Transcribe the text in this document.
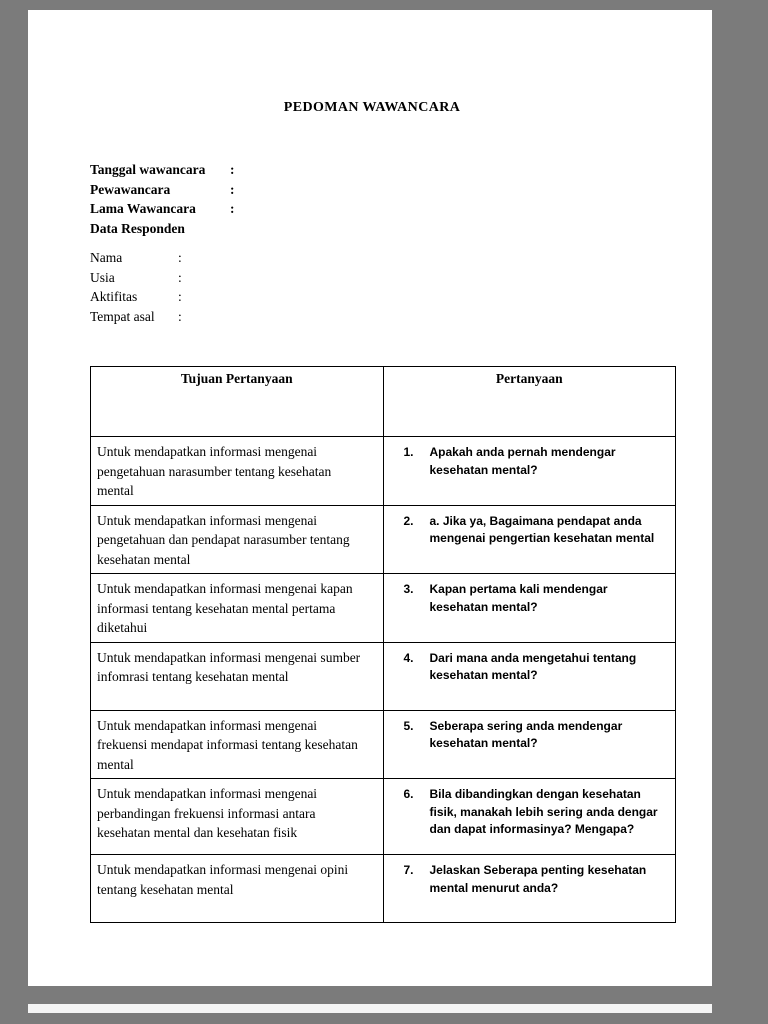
PEDOMAN WAWANCARA
Tanggal wawancara	:
Pewawancara	:
Lama Wawancara	:
Data Responden
Nama	:
Usia	:
Aktifitas	:
Tempat asal	:
Tujuan Pertanyaan	Pertanyaan
Untuk mendapatkan informasi mengenai pengetahuan narasumber tentang kesehatan mental	1. Apakah anda pernah mendengar kesehatan mental?

Untuk mendapatkan informasi mengenai pengetahuan dan pendapat narasumber tentang kesehatan mental	2. a. Jika ya, Bagaimana pendapat anda mengenai pengertian kesehatan mental

Untuk mendapatkan informasi mengenai kapan informasi tentang kesehatan mental pertama diketahui	3. Kapan pertama kali mendengar kesehatan mental?

Untuk mendapatkan informasi mengenai sumber infomrasi tentang kesehatan mental	4. Dari mana anda mengetahui tentang kesehatan mental?

Untuk mendapatkan informasi mengenai frekuensi mendapat informasi tentang kesehatan mental	5. Seberapa sering anda mendengar kesehatan mental?

Untuk mendapatkan informasi mengenai perbandingan frekuensi informasi antara kesehatan mental dan kesehatan fisik	6. Bila dibandingkan dengan kesehatan fisik, manakah lebih sering anda dengar dan dapat informasinya? Mengapa?

Untuk mendapatkan informasi mengenai opini tentang kesehatan mental	7. Jelaskan Seberapa penting kesehatan mental menurut anda?
